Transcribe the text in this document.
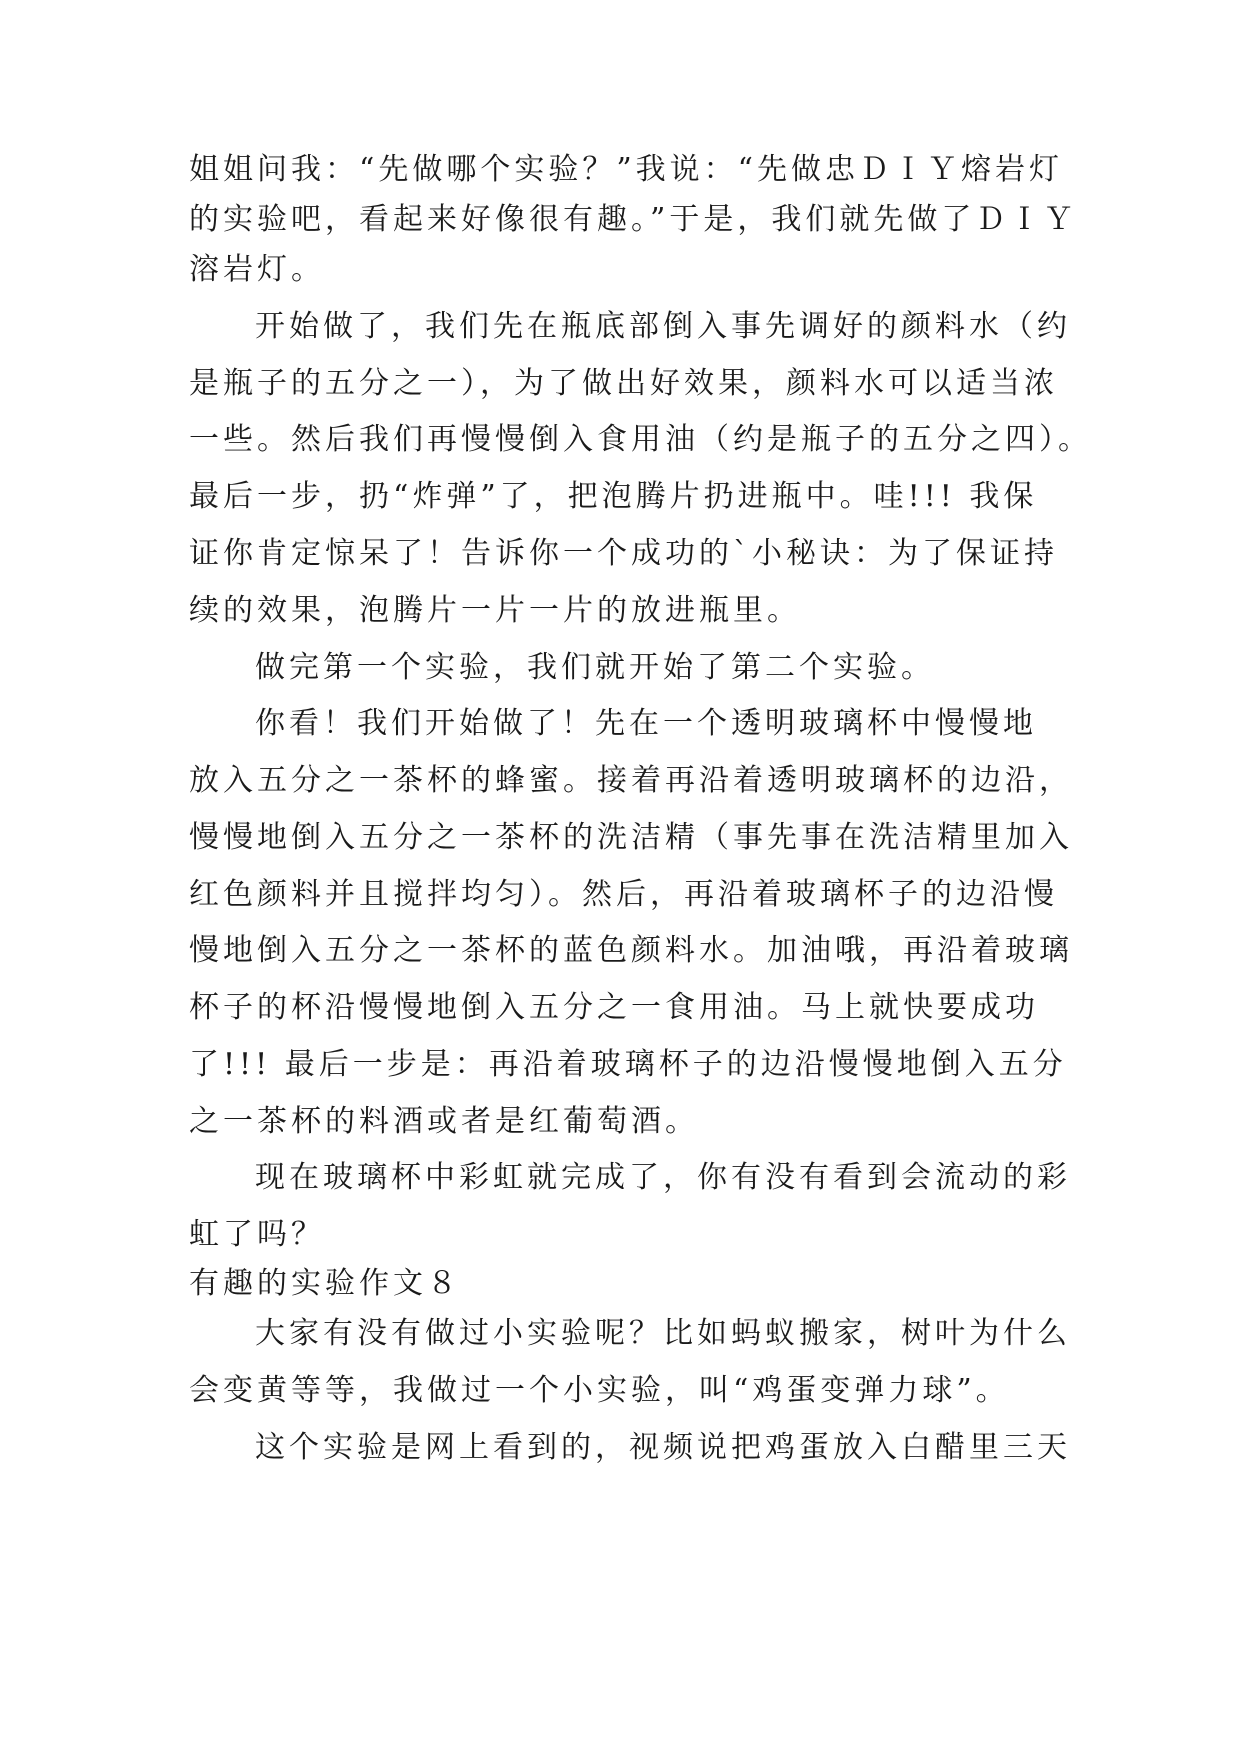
姐姐问我：“先做哪个实验？”我说：“先做忠ＤＩＹ熔岩灯
的实验吧，看起来好像很有趣。”于是，我们就先做了ＤＩＹ
溶岩灯。
开始做了，我们先在瓶底部倒入事先调好的颜料水（约
是瓶子的五分之一），为了做出好效果，颜料水可以适当浓
一些。然后我们再慢慢倒入食用油（约是瓶子的五分之四）。
最后一步，扔“炸弹”了，把泡腾片扔进瓶中。哇!!! 我保
证你肯定惊呆了！告诉你一个成功的`小秘诀：为了保证持
续的效果，泡腾片一片一片的放进瓶里。
做完第一个实验，我们就开始了第二个实验。
你看！我们开始做了！先在一个透明玻璃杯中慢慢地
放入五分之一茶杯的蜂蜜。接着再沿着透明玻璃杯的边沿，
慢慢地倒入五分之一茶杯的洗洁精（事先事在洗洁精里加入
红色颜料并且搅拌均匀）。然后，再沿着玻璃杯子的边沿慢
慢地倒入五分之一茶杯的蓝色颜料水。加油哦，再沿着玻璃
杯子的杯沿慢慢地倒入五分之一食用油。马上就快要成功
了!!! 最后一步是：再沿着玻璃杯子的边沿慢慢地倒入五分
之一茶杯的料酒或者是红葡萄酒。
现在玻璃杯中彩虹就完成了，你有没有看到会流动的彩
虹了吗？
有趣的实验作文８
大家有没有做过小实验呢？比如蚂蚁搬家，树叶为什么
会变黄等等，我做过一个小实验，叫“鸡蛋变弹力球”。
这个实验是网上看到的，视频说把鸡蛋放入白醋里三天
